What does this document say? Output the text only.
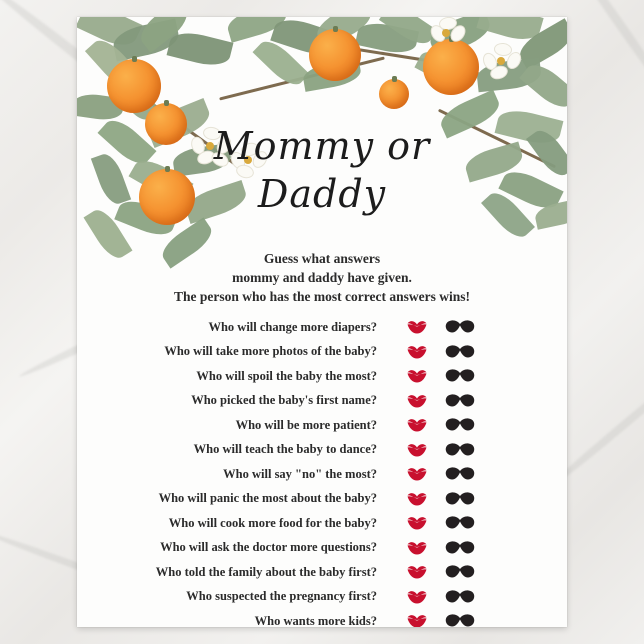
Mommy or
Daddy
Guess what answers
mommy and daddy have given.
The person who has the most correct answers wins!
Who will change more diapers?
Who will take more photos of the baby?
Who will spoil the baby the most?
Who picked the baby's first name?
Who will be more patient?
Who will teach the baby to dance?
Who will say "no" the most?
Who will panic the most about the baby?
Who will cook more food for the baby?
Who will ask the doctor more questions?
Who told the family about the baby first?
Who suspected the pregnancy first?
Who wants more kids?
